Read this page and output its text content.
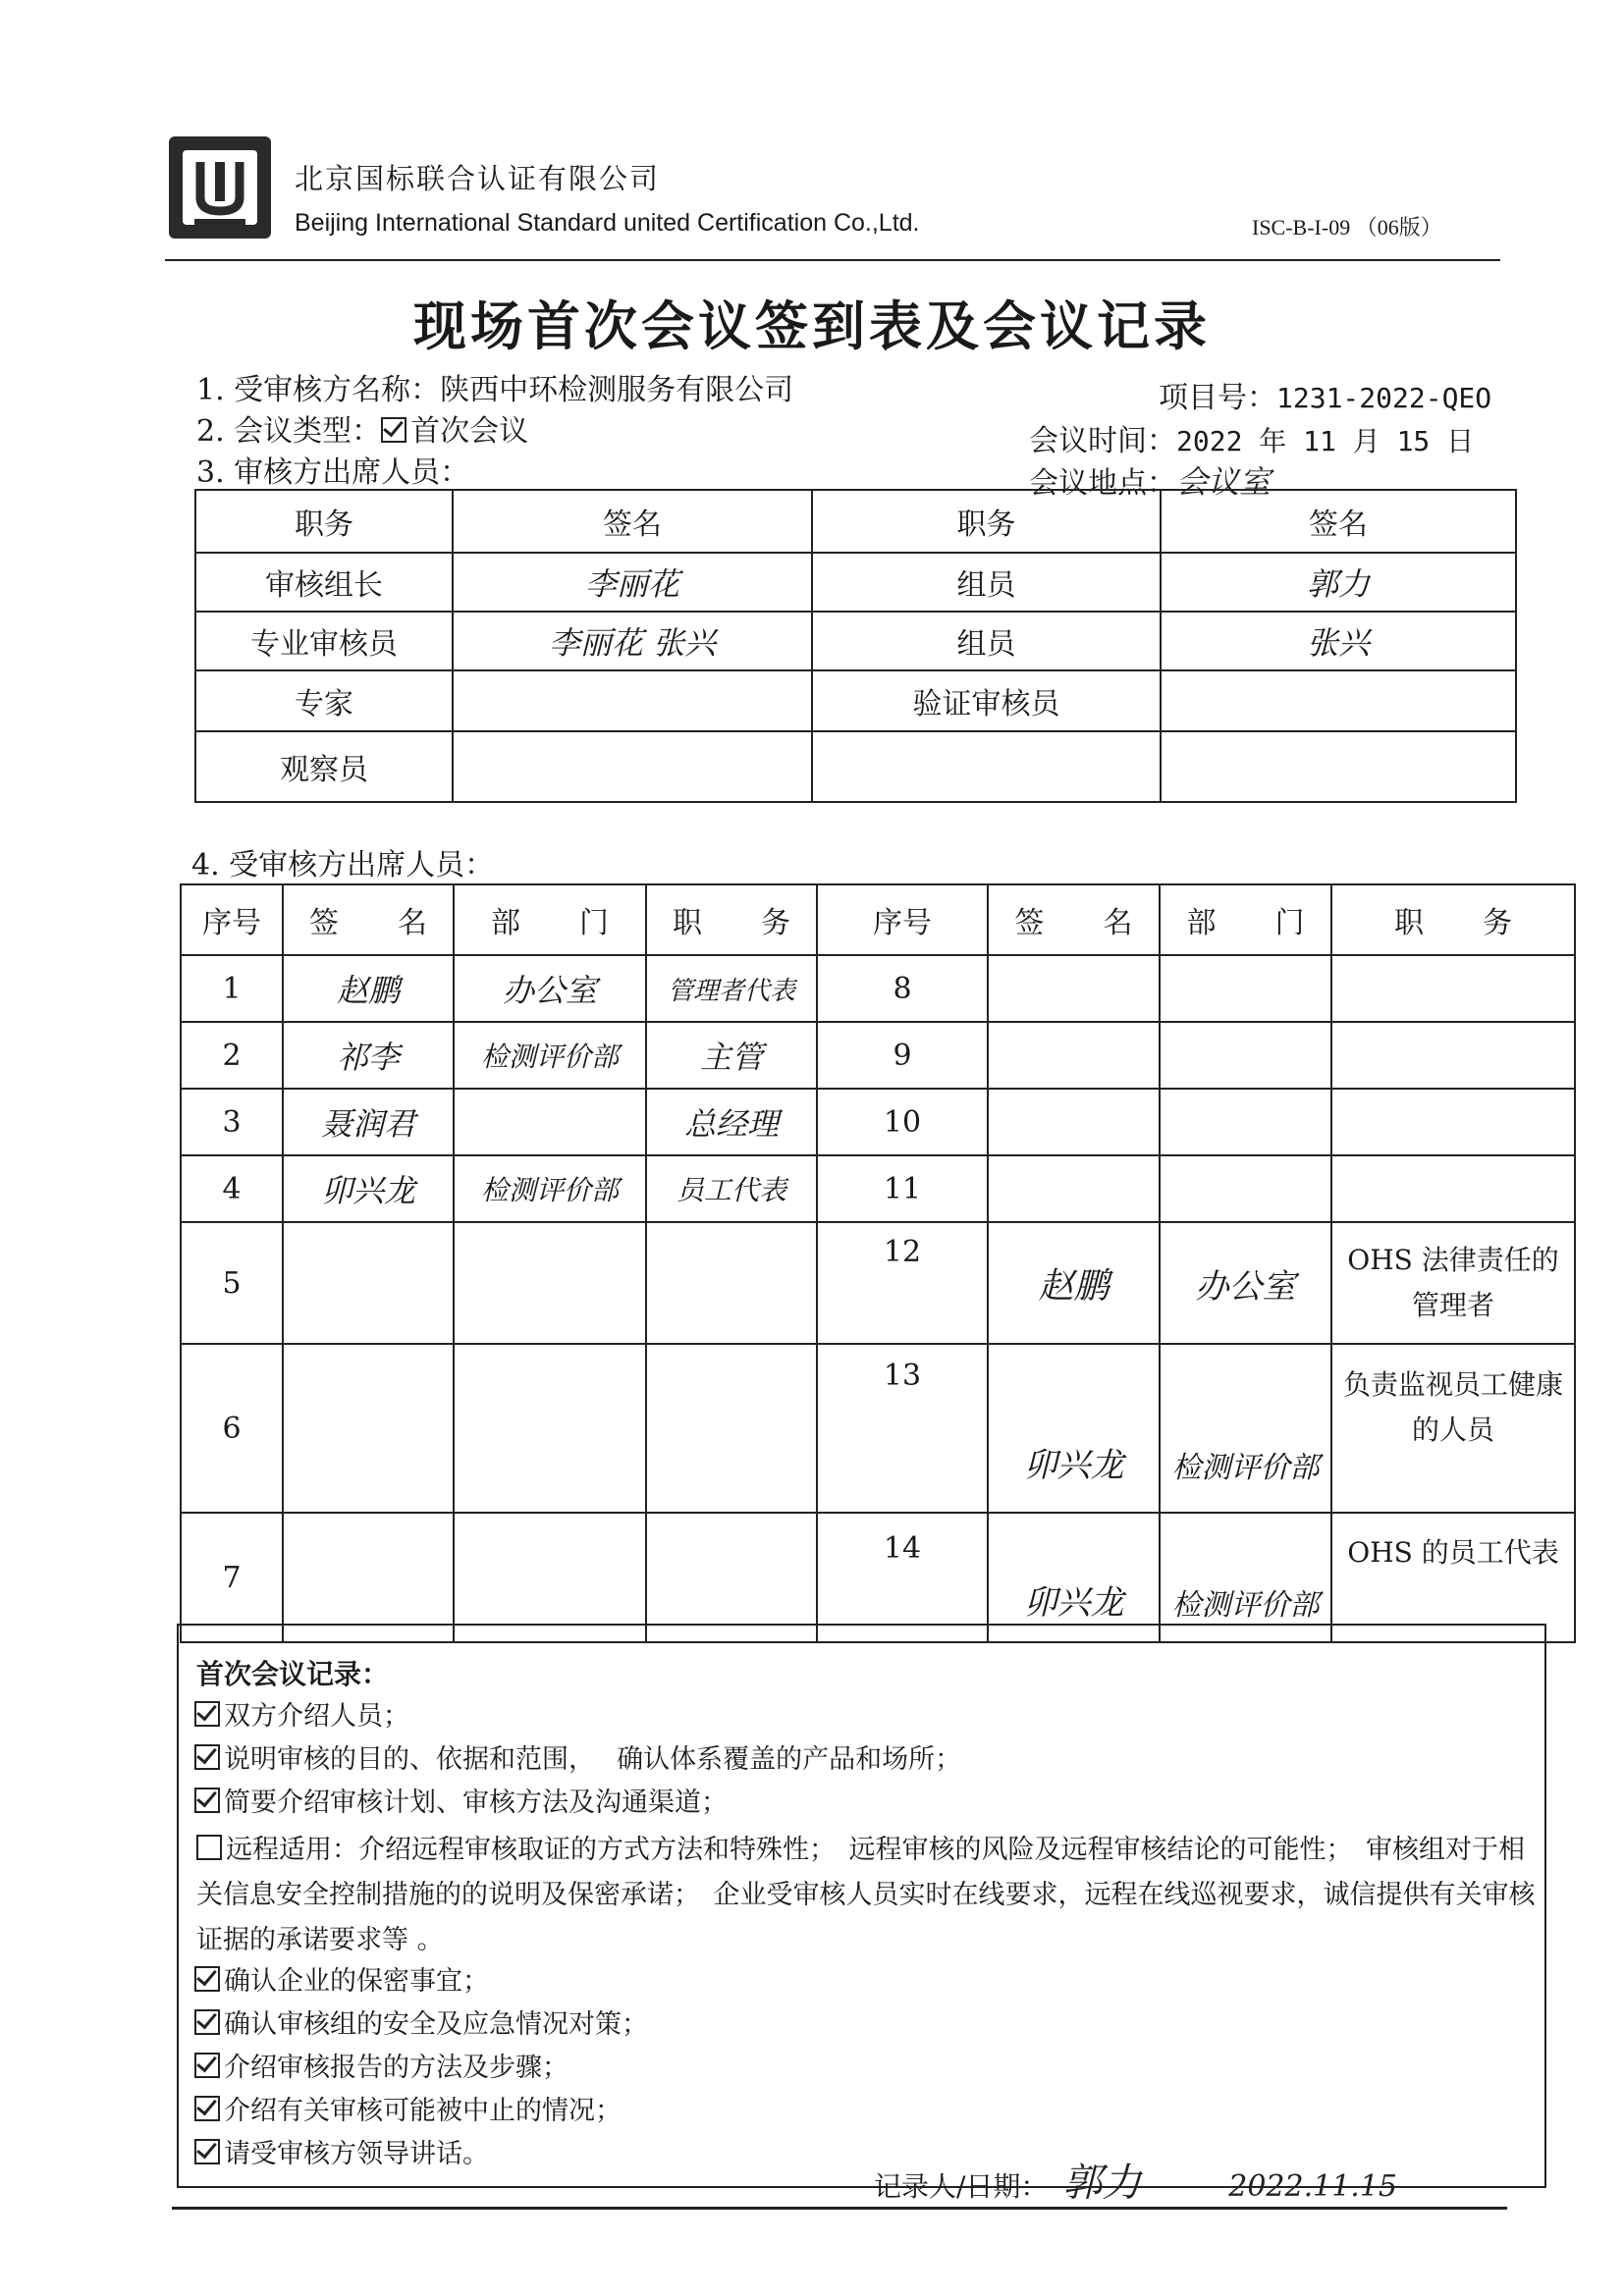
北京国标联合认证有限公司
Beijing International Standard united Certification Co.,Ltd.	ISC-B-I-09 （06版）
现场首次会议签到表及会议记录
1. 受审核方名称：陕西中环检测服务有限公司	项目号：1231-2022-QEO
2. 会议类型： 首次会议	会议时间：2022 年 11 月 15 日
3. 审核方出席人员：	会议地点：会议室
职务	签名	职务	签名
审核组长	李丽花	组员	郭力
专业审核员	李丽花 张兴	组员	张兴
专家		验证审核员	
观察员			
4. 受审核方出席人员：
序号	签　　名	部　　门	职　　务	序号	签　　名	部　　门	职　　务
1	赵鹏	办公室	管理者代表	8			
2	祁李	检测评价部	主管	9			
3	聂润君		总经理	10			
4	卯兴龙	检测评价部	员工代表	11			
5				12	赵鹏	办公室	OHS 法律责任的管理者
6				13	卯兴龙	检测评价部	负责监视员工健康的人员
7				14	卯兴龙	检测评价部	OHS 的员工代表
首次会议记录：
双方介绍人员；
说明审核的目的、依据和范围，　 确认体系覆盖的产品和场所；
简要介绍审核计划、审核方法及沟通渠道；
远程适用：介绍远程审核取证的方式方法和特殊性；　远程审核的风险及远程审核结论的可能性；　审核组对于相关信息安全控制措施的的说明及保密承诺；　企业受审核人员实时在线要求，远程在线巡视要求，诚信提供有关审核证据的承诺要求等 。
确认企业的保密事宜；
确认审核组的安全及应急情况对策；
介绍审核报告的方法及步骤；
介绍有关审核可能被中止的情况；
请受审核方领导讲话。
记录人/日期： 郭力	2022.11.15
